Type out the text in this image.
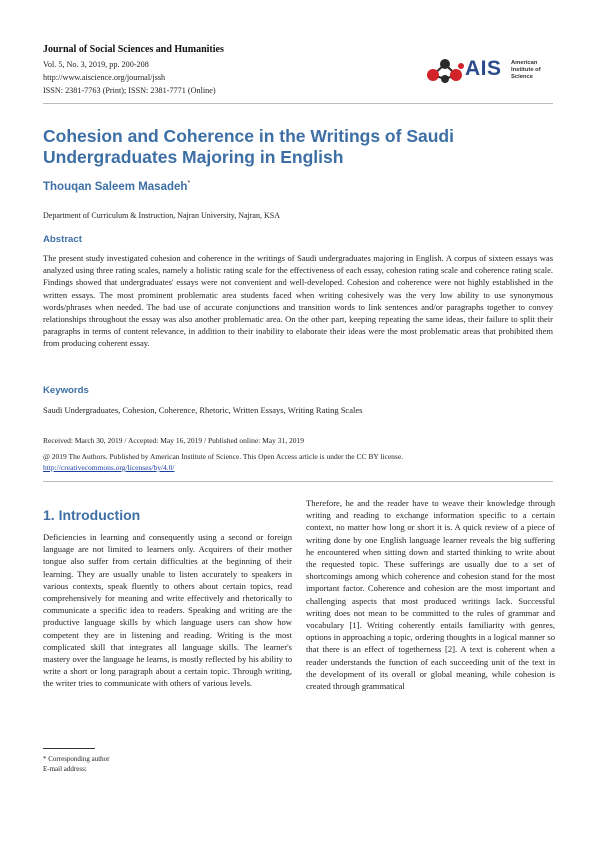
Journal of Social Sciences and Humanities
Vol. 5, No. 3, 2019, pp. 200-208
http://www.aiscience.org/journal/jssh
ISSN: 2381-7763 (Print); ISSN: 2381-7771 (Online)
AIS American
Institute of
Science
Cohesion and Coherence in the Writings of Saudi Undergraduates Majoring in English
Thouqan Saleem Masadeh*
Department of Curriculum & Instruction, Najran University, Najran, KSA
Abstract
The present study investigated cohesion and coherence in the writings of Saudi undergraduates majoring in English. A corpus of sixteen essays was analyzed using three rating scales, namely a holistic rating scale for the effectiveness of each essay, cohesion rating scale and coherence rating scale. Findings showed that undergraduates' essays were not convenient and well-developed. Cohesion and coherence were not highly established in the written essays. The most prominent problematic area students faced when writing cohesively was the very low ability to use synonymous words/phrases when needed. The bad use of accurate conjunctions and transition words to link sentences and/or paragraphs together to convey relationships throughout the essay was also another problematic area. On the other part, keeping repeating the same ideas, their failure to split their paragraphs in terms of content relevance, in addition to their inability to elaborate their ideas were the most problematic areas that prohibited them from producing coherent essay.
Keywords
Saudi Undergraduates, Cohesion, Coherence, Rhetoric, Written Essays, Writing Rating Scales
Received: March 30, 2019 / Accepted: May 16, 2019 / Published online: May 31, 2019
@ 2019 The Authors. Published by American Institute of Science. This Open Access article is under the CC BY license.
http://creativecommons.org/licenses/by/4.0/
1. Introduction
Deficiencies in learning and consequently using a second or foreign language are not limited to learners only. Acquirers of their mother tongue also suffer from certain difficulties at the beginning of their learning. They are usually unable to listen accurately to speakers in various contexts, speak fluently to others about certain topics, read comprehensively for meaning and write effectively and rhetorically to communicate a specific idea to readers. Speaking and writing are the productive language skills by which language users can show how competent they are in listening and reading. Writing is the most complicated skill that integrates all language skills. The learner's mastery over the language he learns, is mostly reflected by his ability to write a short or long paragraph about a certain topic. Through writing, the writer tries to communicate with others of various levels.
Therefore, he and the reader have to weave their knowledge through writing and reading to exchange information specific to a certain context, no matter how long or short it is. A quick review of a piece of writing done by one English language learner reveals the big suffering he encountered when sitting down and started thinking to write about the requested topic. These sufferings are usually due to a set of shortcomings among which coherence and cohesion stand for the most important factor. Coherence and cohesion are the most important and challenging aspects that most produced writings lack. Successful writing does not mean to be committed to the rules of grammar and vocabulary [1]. Writing coherently entails familiarity with genres, options in approaching a topic, ordering thoughts in a logical manner so that there is an effect of togetherness [2]. A text is coherent when a reader understands the function of each succeeding unit of the text in the development of its overall or global meaning, while cohesion is created through grammatical
* Corresponding author
E-mail address:
